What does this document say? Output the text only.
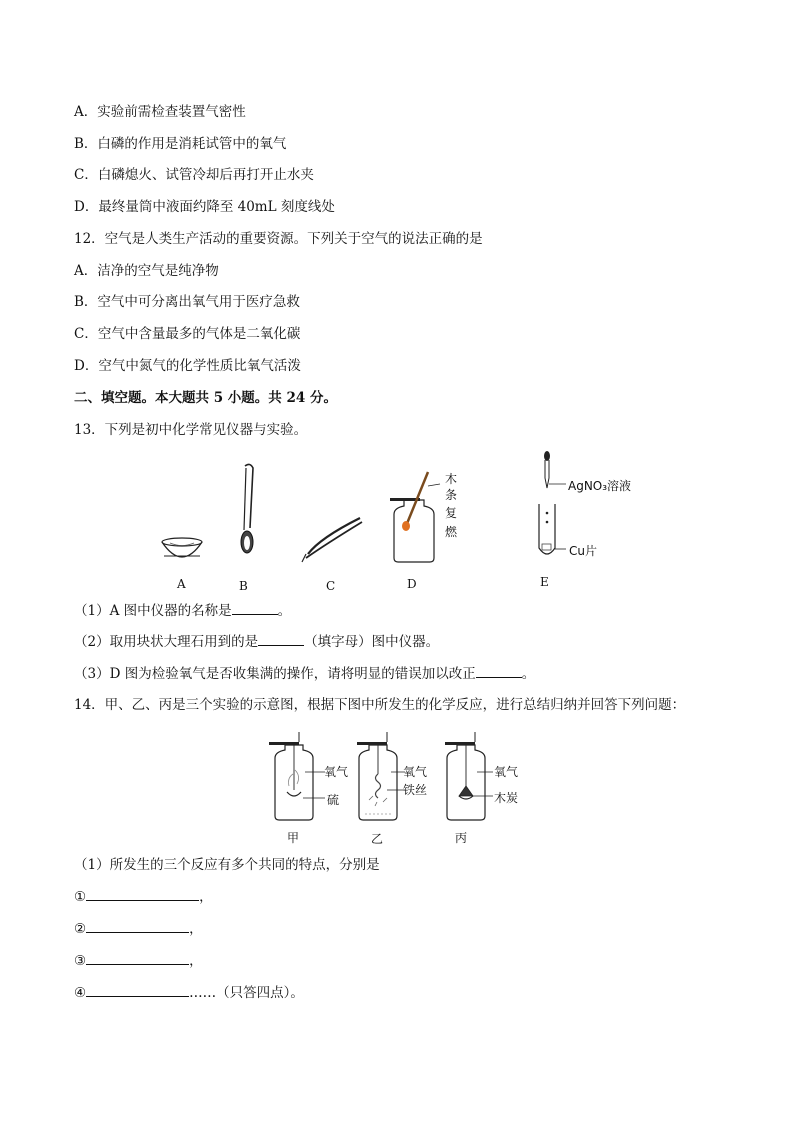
A．实验前需检查装置气密性
B．白磷的作用是消耗试管中的氧气
C．白磷熄火、试管冷却后再打开止水夹
D．最终量筒中液面约降至 40mL 刻度线处
12．空气是人类生产活动的重要资源。下列关于空气的说法正确的是
A．洁净的空气是纯净物
B．空气中可分离出氧气用于医疗急救
C．空气中含量最多的气体是二氧化碳
D．空气中氮气的化学性质比氧气活泼
二、填空题。本大题共 5 小题。共 24 分。
13．下列是初中化学常见仪器与实验。
A	B	C	D	E
木
条
复
燃
AgNO₃溶液
Cu片
（1）A 图中仪器的名称是	。
（2）取用块状大理石用到的是	（填字母）图中仪器。
（3）D 图为检验氧气是否收集满的操作，请将明显的错误加以改正	。
14．甲、乙、丙是三个实验的示意图，根据下图中所发生的化学反应，进行总结归纳并回答下列问题：
氧气
硫
甲
氧气
铁丝
乙
氧气
木炭
丙
（1）所发生的三个反应有多个共同的特点，分别是
①	，
②	，
③	，
④	……（只答四点）。
